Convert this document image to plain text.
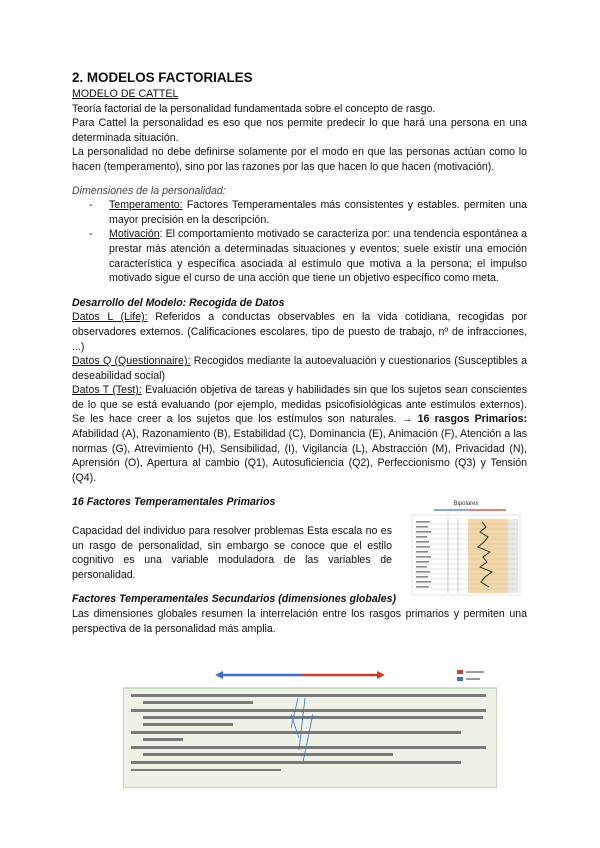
2. MODELOS FACTORIALES

MODELO DE CATTEL

Teoría factorial de la personalidad fundamentada sobre el concepto de rasgo.

Para Cattel la personalidad es eso que nos permite predecir lo que hará una persona en una determinada situación.

La personalidad no debe definirse solamente por el modo en que las personas actúan como lo hacen (temperamento), sino por las razones por las que hacen lo que hacen (motivación).

Dimensiones de la personalidad:

- Temperamento: Factores Temperamentales más consistentes y estables. permiten una mayor precisión en la descripción.
- Motivación: El comportamiento motivado se caracteriza por: una tendencia espontánea a prestar más atención a determinadas situaciones y eventos; suele existir una emoción característica y específica asociada al estímulo que motiva a la persona; el impulso motivado sigue el curso de una acción que tiene un objetivo específico como meta.

Desarrollo del Modelo: Recogida de Datos

Datos L (Life): Referidos a conductas observables en la vida cotidiana, recogidas por observadores externos. (Calificaciones escolares, tipo de puesto de trabajo, nº de infracciones, ...)

Datos Q (Questionnaire): Recogidos mediante la autoevaluación y cuestionarios (Susceptibles a deseabilidad social)

Datos T (Test): Evaluación objetiva de tareas y habilidades sin que los sujetos sean conscientes de lo que se está evaluando (por ejemplo, medidas psicofisiológicas ante estímulos externos). Se les hace creer a los sujetos que los estímulos son naturales. → 16 rasgos Primarios: Afabilidad (A), Razonamiento (B), Estabilidad (C), Dominancia (E), Animación (F), Atención a las normas (G), Atrevimiento (H), Sensibilidad, (I), Vigilancia (L), Abstracción (M), Privacidad (N), Aprensión (O), Apertura al cambio (Q1), Autosuficiencia (Q2), Perfeccionismo (Q3) y Tensión (Q4).

16 Factores Temperamentales Primarios

Capacidad del individuo para resolver problemas Esta escala no es un rasgo de personalidad, sin embargo se conoce que el estilo cognitivo es una variable moduladora de las variables de personalidad.

Factores Temperamentales Secundarios (dimensiones globales)

Las dimensiones globales resumen la interrelación entre los rasgos primarios y permiten una perspectiva de la personalidad más amplia.

Bipolares
